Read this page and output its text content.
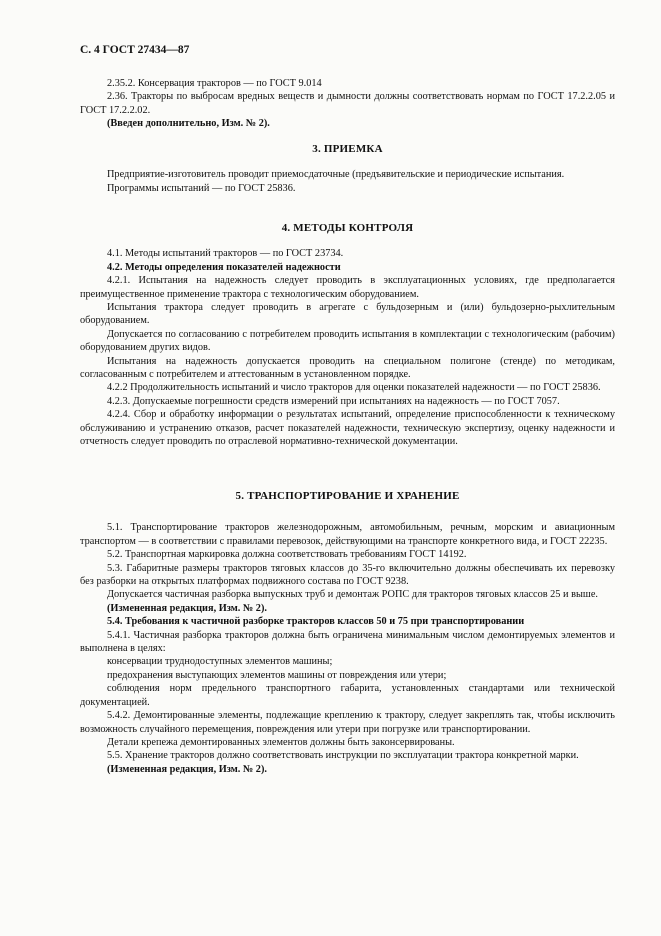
С. 4 ГОСТ 27434—87

2.35.2. Консервация тракторов — по ГОСТ 9.014

2.36. Тракторы по выбросам вредных веществ и дымности должны соответствовать нормам по ГОСТ 17.2.2.05 и ГОСТ 17.2.2.02.

(Введен дополнительно, Изм. № 2).

3. ПРИЕМКА

Предприятие-изготовитель проводит приемосдаточные (предъявительские и периодические испытания.

Программы испытаний — по ГОСТ 25836.

4. МЕТОДЫ КОНТРОЛЯ

4.1. Методы испытаний тракторов — по ГОСТ 23734.

4.2. Методы определения показателей надежности

4.2.1. Испытания на надежность следует проводить в эксплуатационных условиях, где предполагается преимущественное применение трактора с технологическим оборудованием.

Испытания трактора следует проводить в агрегате с бульдозерным и (или) бульдозерно-рыхлительным оборудованием.

Допускается по согласованию с потребителем проводить испытания в комплектации с технологическим (рабочим) оборудованием других видов.

Испытания на надежность допускается проводить на специальном полигоне (стенде) по методикам, согласованным с потребителем и аттестованным в установленном порядке.

4.2.2 Продолжительность испытаний и число тракторов для оценки показателей надежности — по ГОСТ 25836.

4.2.3. Допускаемые погрешности средств измерений при испытаниях на надежность — по ГОСТ 7057.

4.2.4. Сбор и обработку информации о результатах испытаний, определение приспособленности к техническому обслуживанию и устранению отказов, расчет показателей надежности, техническую экспертизу, оценку надежности и отчетность следует проводить по отраслевой нормативно-технической документации.

5. ТРАНСПОРТИРОВАНИЕ И ХРАНЕНИЕ

5.1. Транспортирование тракторов железнодорожным, автомобильным, речным, морским и авиационным транспортом — в соответствии с правилами перевозок, действующими на транспорте конкретного вида, и ГОСТ 22235.

5.2. Транспортная маркировка должна соответствовать требованиям ГОСТ 14192.

5.3. Габаритные размеры тракторов тяговых классов до 35-го включительно должны обеспечивать их перевозку без разборки на открытых платформах подвижного состава по ГОСТ 9238.

Допускается частичная разборка выпускных труб и демонтаж РОПС для тракторов тяговых классов 25 и выше.

(Измененная редакция, Изм. № 2).

5.4. Требования к частичной разборке тракторов классов 50 и 75 при транспортировании

5.4.1. Частичная разборка тракторов должна быть ограничена минимальным числом демонтируемых элементов и выполнена в целях:

консервации труднодоступных элементов машины;

предохранения выступающих элементов машины от повреждения или утери;

соблюдения норм предельного транспортного габарита, установленных стандартами или технической документацией.

5.4.2. Демонтированные элементы, подлежащие креплению к трактору, следует закреплять так, чтобы исключить возможность случайного перемещения, повреждения или утери при погрузке или транспортировании.

Детали крепежа демонтированных элементов должны быть законсервированы.

5.5. Хранение тракторов должно соответствовать инструкции по эксплуатации трактора конкретной марки.

(Измененная редакция, Изм. № 2).
